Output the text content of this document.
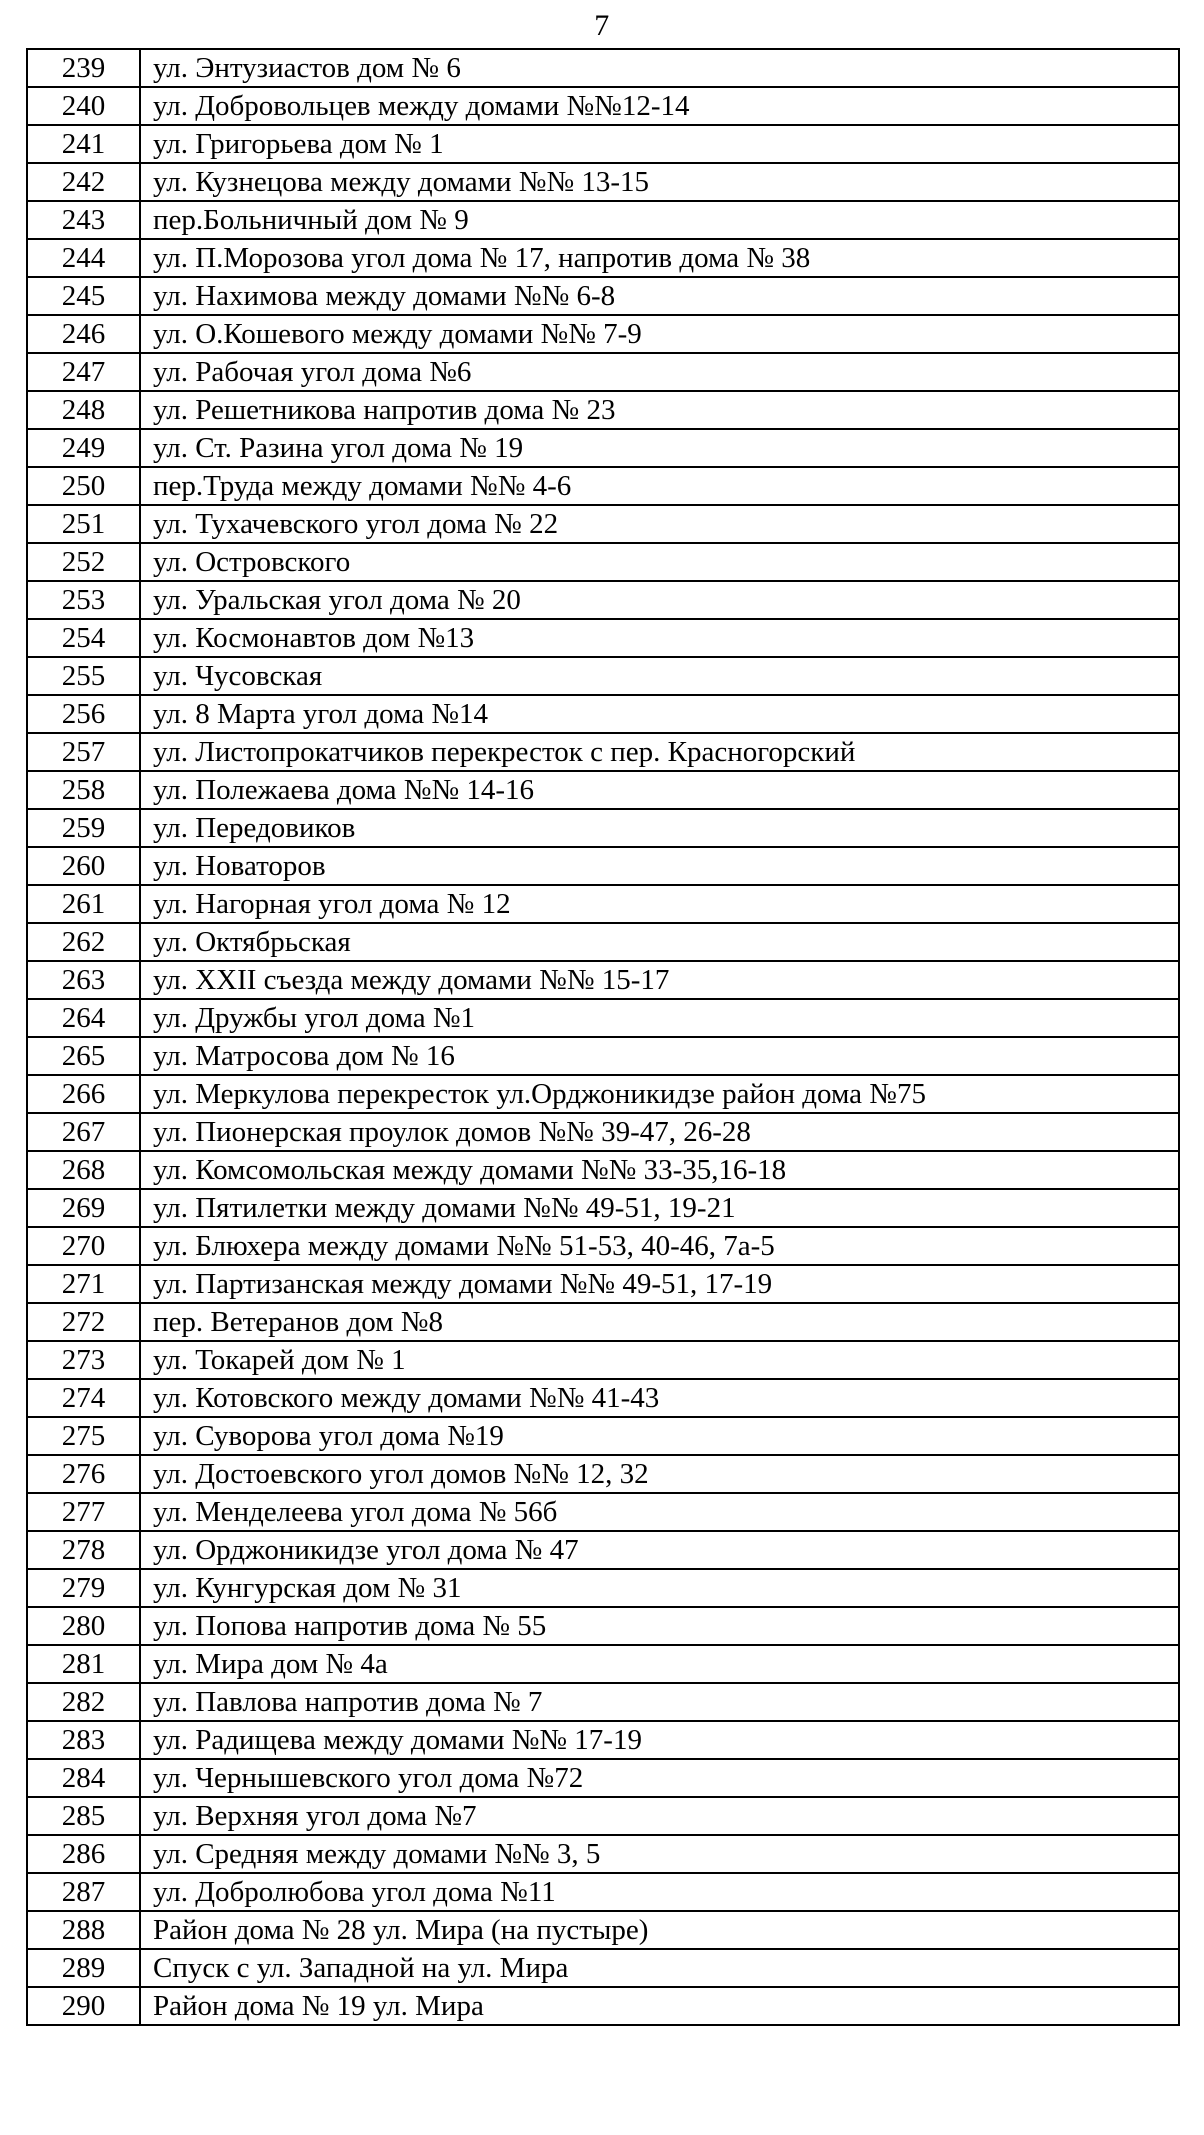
7
239	ул. Энтузиастов дом № 6
240	ул. Добровольцев между домами №№12-14
241	ул. Григорьева дом № 1
242	ул. Кузнецова между домами №№ 13-15
243	пер.Больничный дом № 9
244	ул. П.Морозова угол дома № 17, напротив дома № 38
245	ул. Нахимова между домами №№ 6-8
246	ул. О.Кошевого между домами №№ 7-9
247	ул. Рабочая угол дома №6
248	ул. Решетникова напротив дома № 23
249	ул. Ст. Разина угол дома № 19
250	пер.Труда между домами №№ 4-6
251	ул. Тухачевского угол дома № 22
252	ул. Островского
253	ул. Уральская угол дома № 20
254	ул. Космонавтов дом №13
255	ул. Чусовская
256	ул. 8 Марта угол дома №14
257	ул. Листопрокатчиков перекресток с пер. Красногорский
258	ул. Полежаева дома №№ 14-16
259	ул. Передовиков
260	ул. Новаторов
261	ул. Нагорная угол дома № 12
262	ул. Октябрьская
263	ул. XXII съезда между домами №№ 15-17
264	ул. Дружбы угол дома №1
265	ул. Матросова дом № 16
266	ул. Меркулова перекресток ул.Орджоникидзе район дома №75
267	ул. Пионерская проулок домов №№ 39-47, 26-28
268	ул. Комсомольская между домами №№ 33-35,16-18
269	ул. Пятилетки между домами №№ 49-51, 19-21
270	ул. Блюхера между домами №№ 51-53, 40-46, 7а-5
271	ул. Партизанская между домами №№ 49-51, 17-19
272	пер. Ветеранов дом №8
273	ул. Токарей дом № 1
274	ул. Котовского между домами №№ 41-43
275	ул. Суворова угол дома №19
276	ул. Достоевского угол домов №№ 12, 32
277	ул. Менделеева угол дома № 56б
278	ул. Орджоникидзе угол дома № 47
279	ул. Кунгурская дом № 31
280	ул. Попова напротив дома № 55
281	ул. Мира дом № 4а
282	ул. Павлова напротив дома № 7
283	ул. Радищева между домами №№ 17-19
284	ул. Чернышевского угол дома №72
285	ул. Верхняя угол дома №7
286	ул. Средняя между домами №№ 3, 5
287	ул. Добролюбова угол дома №11
288	Район дома № 28 ул. Мира (на пустыре)
289	Спуск с ул. Западной на ул. Мира
290	Район дома № 19 ул. Мира
